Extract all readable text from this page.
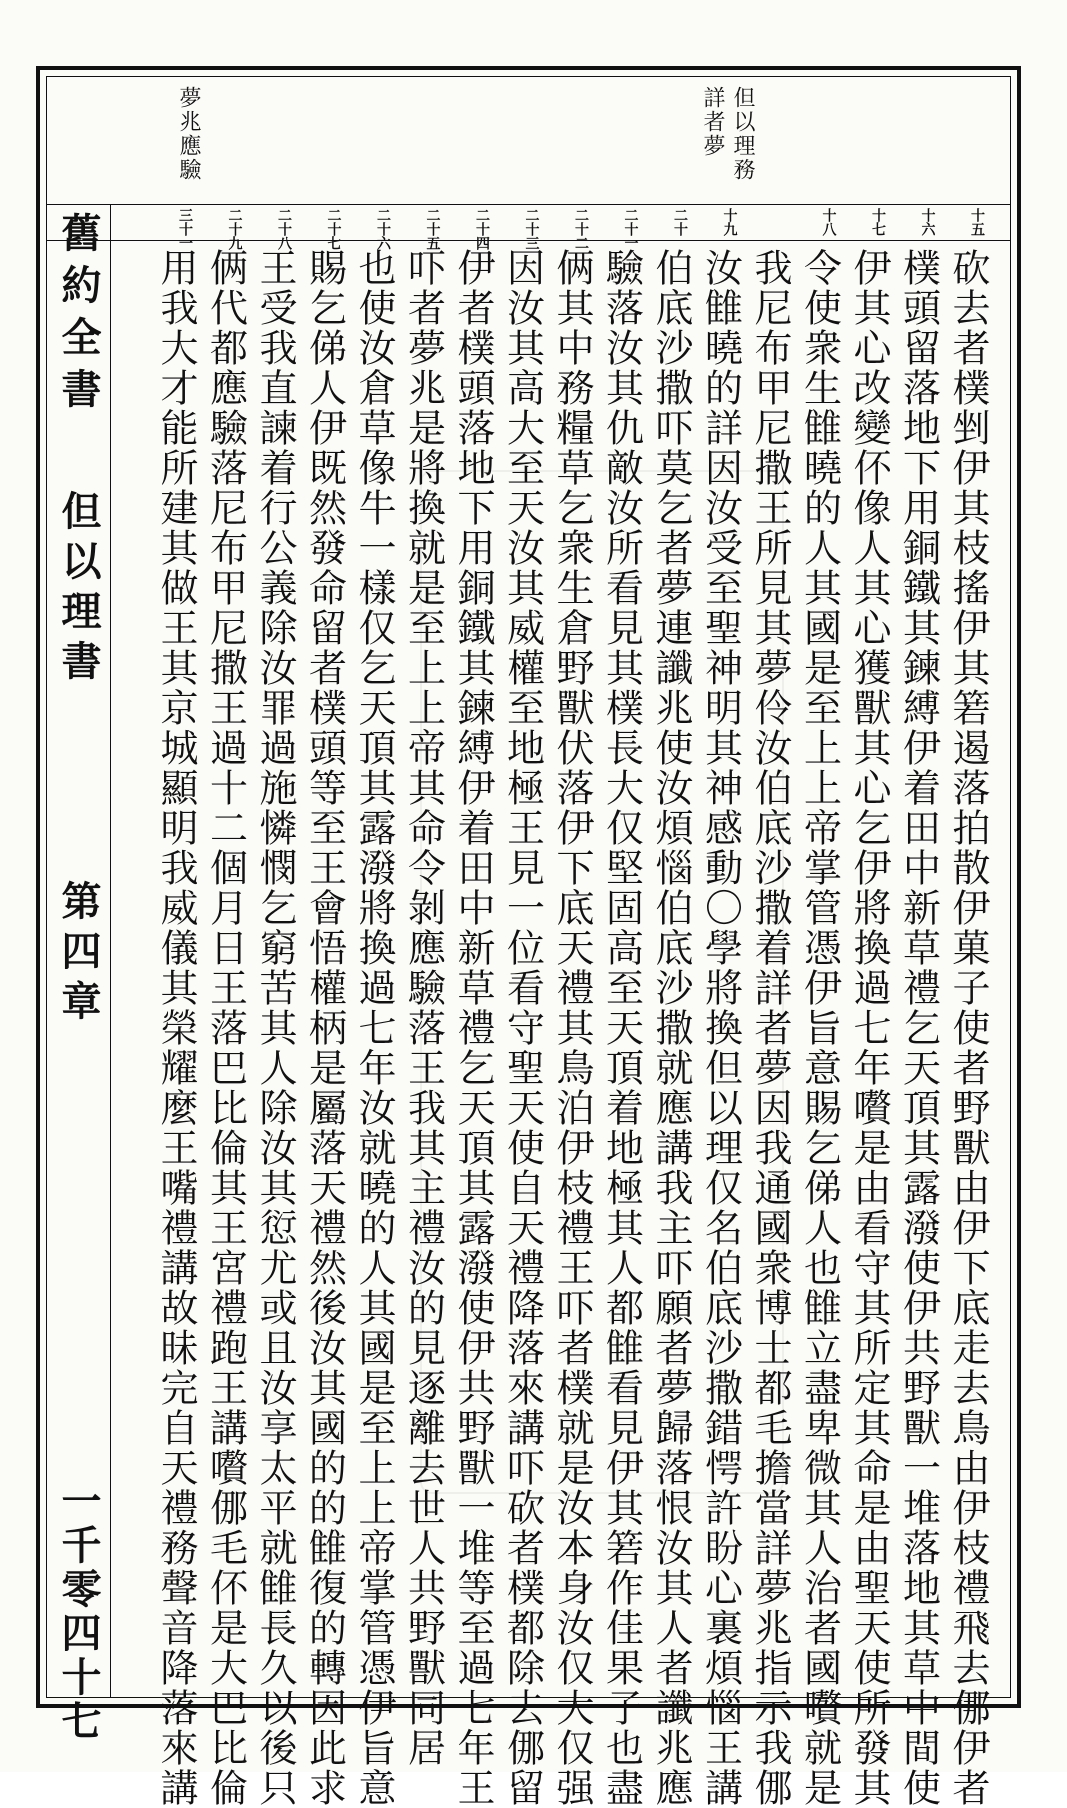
舊約全書
但以理書
第四章
一千零四十七
但以理務
詳者夢
夢兆應驗
十五
砍去者樸剉伊其枝搖伊其箬遏落拍散伊菓子使者野獸由伊下底走去鳥由伊枝禮飛去㑚伊者
十六
樸頭留落地下用銅鐵其鍊縛伊着田中新草禮乞天頂其露潑使伊共野獸一堆落地其草中間使
十七
伊其心改變伓像人其心獲獸其心乞伊將換過七年嚽是由看守其所定其命是由聖天使所發其
十八
令使衆生雔曉的人其國是至上上帝掌管憑伊旨意賜乞俤人也雔立盡卑微其人治者國嚽就是
我尼布甲尼撒王所見其夢伶汝伯底沙撒着詳者夢因我通國衆博士都毛擔當詳夢兆指示我㑚
十九
汝雔曉的詳因汝受至聖神明其神感動〇學將換但以理仅名伯底沙撒錯愕許盼心裏煩惱王講
二十
伯底沙撒吓莫乞者夢連讖兆使汝煩惱伯底沙撒就應講我主吓願者夢歸落恨汝其人者讖兆應
二十一
驗落汝其仇敵汝所看見其樸長大仅堅固高至天頂着地極其人都雔看見伊其箬作佳果子也盡
二十二
俩其中務糧草乞衆生倉野獸伏落伊下底天禮其鳥泊伊枝禮王吓者樸就是汝本身汝仅大仅强
二十三
因汝其高大至天汝其威權至地極王見一位看守聖天使自天禮降落來講吓砍者樸都除去㑚留
二十四
伊者樸頭落地下用銅鐵其鍊縛伊着田中新草禮乞天頂其露潑使伊共野獸一堆等至過七年王
二十五
吓者夢兆是將換就是至上上帝其命令剝應驗落王我其主禮汝的見逐離去世人共野獸同居
二十六
也使汝倉草像牛一樣仅乞天頂其露潑將換過七年汝就曉的人其國是至上上帝掌管憑伊旨意
二十七
賜乞俤人伊既然發命留者樸頭等至王會悟權柄是屬落天禮然後汝其國的的雔復的轉因此求
二十八
王受我直諫着行公義除汝罪過施憐憫乞窮苦其人除汝其愆尤或且汝享太平就雔長久以後只
二十九
俩代都應驗落尼布甲尼撒王過十二個月日王落巴比倫其王宮禮跑王講嚽㑚毛伓是大巴比倫
三十一
用我大才能所建其做王其京城顯明我威儀其榮耀麼王嘴禮講故昧完自天禮務聲音降落來講
